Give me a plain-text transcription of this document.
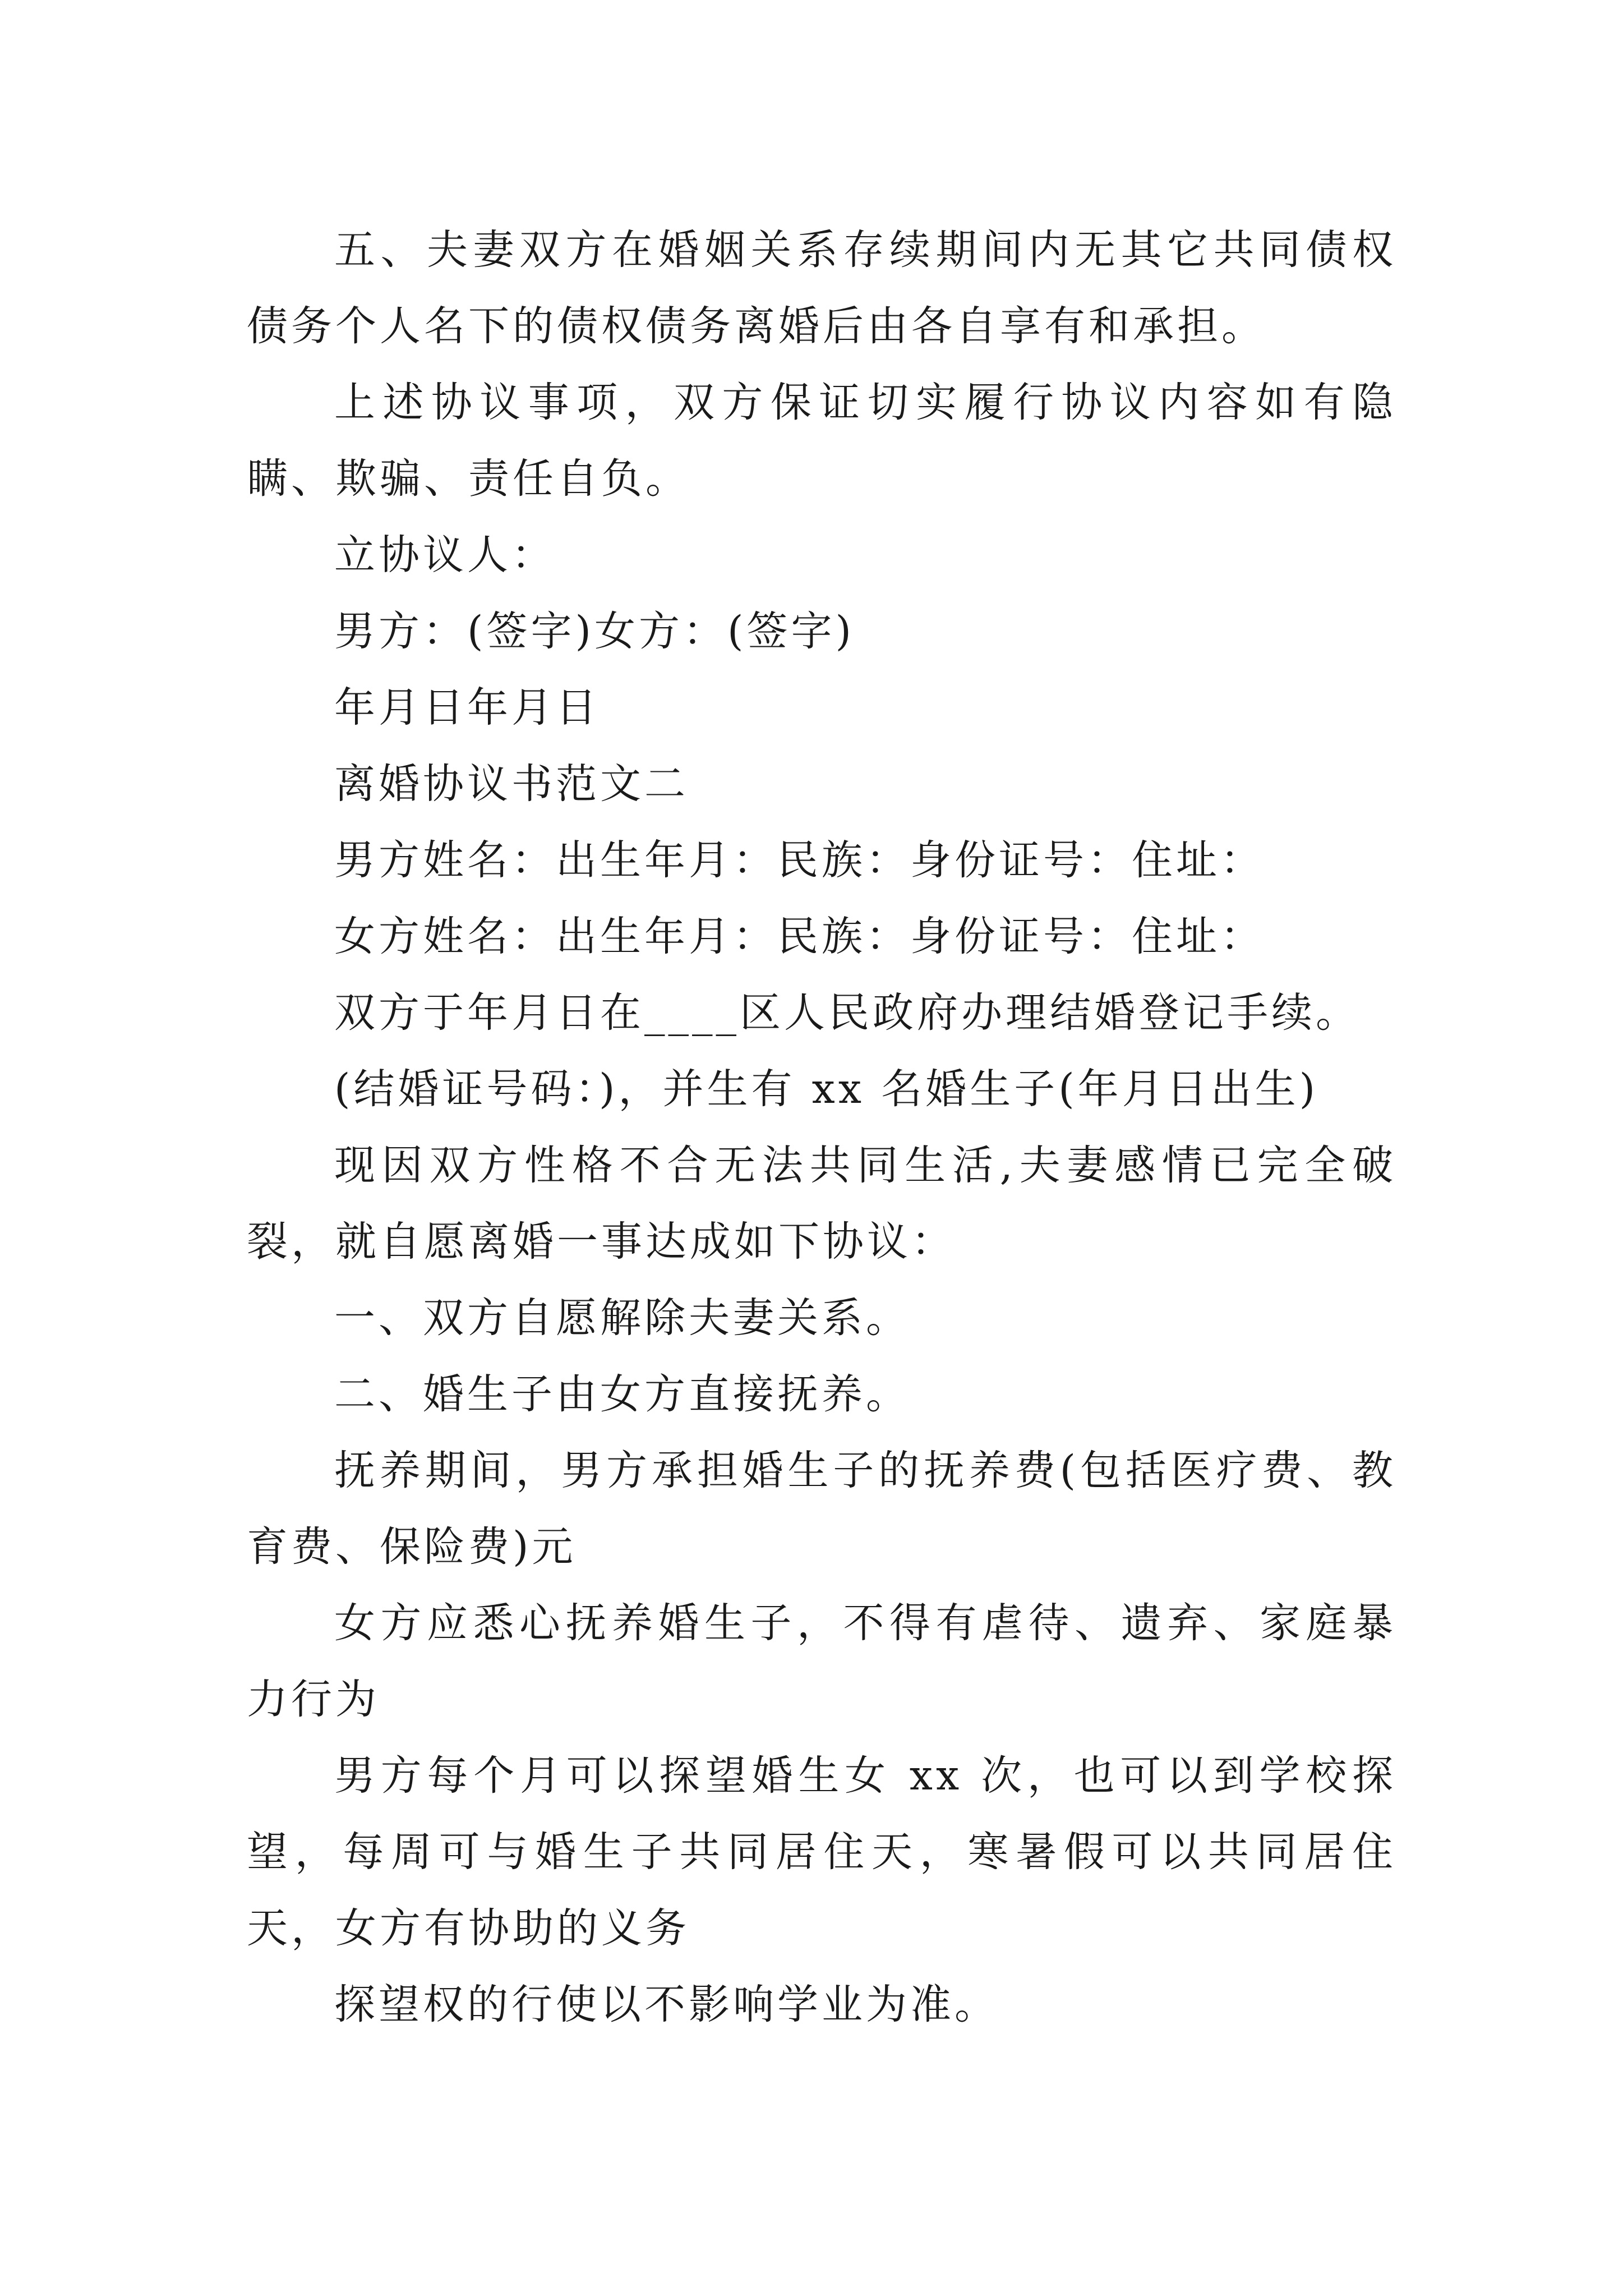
五、夫妻双方在婚姻关系存续期间内无其它共同债权债务个人名下的债权债务离婚后由各自享有和承担。

上述协议事项，双方保证切实履行协议内容如有隐瞒、欺骗、责任自负。

立协议人：

男方：(签字)女方：(签字)

年月日年月日

离婚协议书范文二

男方姓名：出生年月：民族：身份证号：住址：

女方姓名：出生年月：民族：身份证号：住址：

双方于年月日在____区人民政府办理结婚登记手续。

(结婚证号码：)，并生有 xx 名婚生子(年月日出生)

现因双方性格不合无法共同生活,夫妻感情已完全破裂，就自愿离婚一事达成如下协议：

一、双方自愿解除夫妻关系。

二、婚生子由女方直接抚养。

抚养期间，男方承担婚生子的抚养费(包括医疗费、教育费、保险费)元

女方应悉心抚养婚生子，不得有虐待、遗弃、家庭暴力行为

男方每个月可以探望婚生女 xx 次，也可以到学校探望，每周可与婚生子共同居住天，寒暑假可以共同居住天，女方有协助的义务

探望权的行使以不影响学业为准。
